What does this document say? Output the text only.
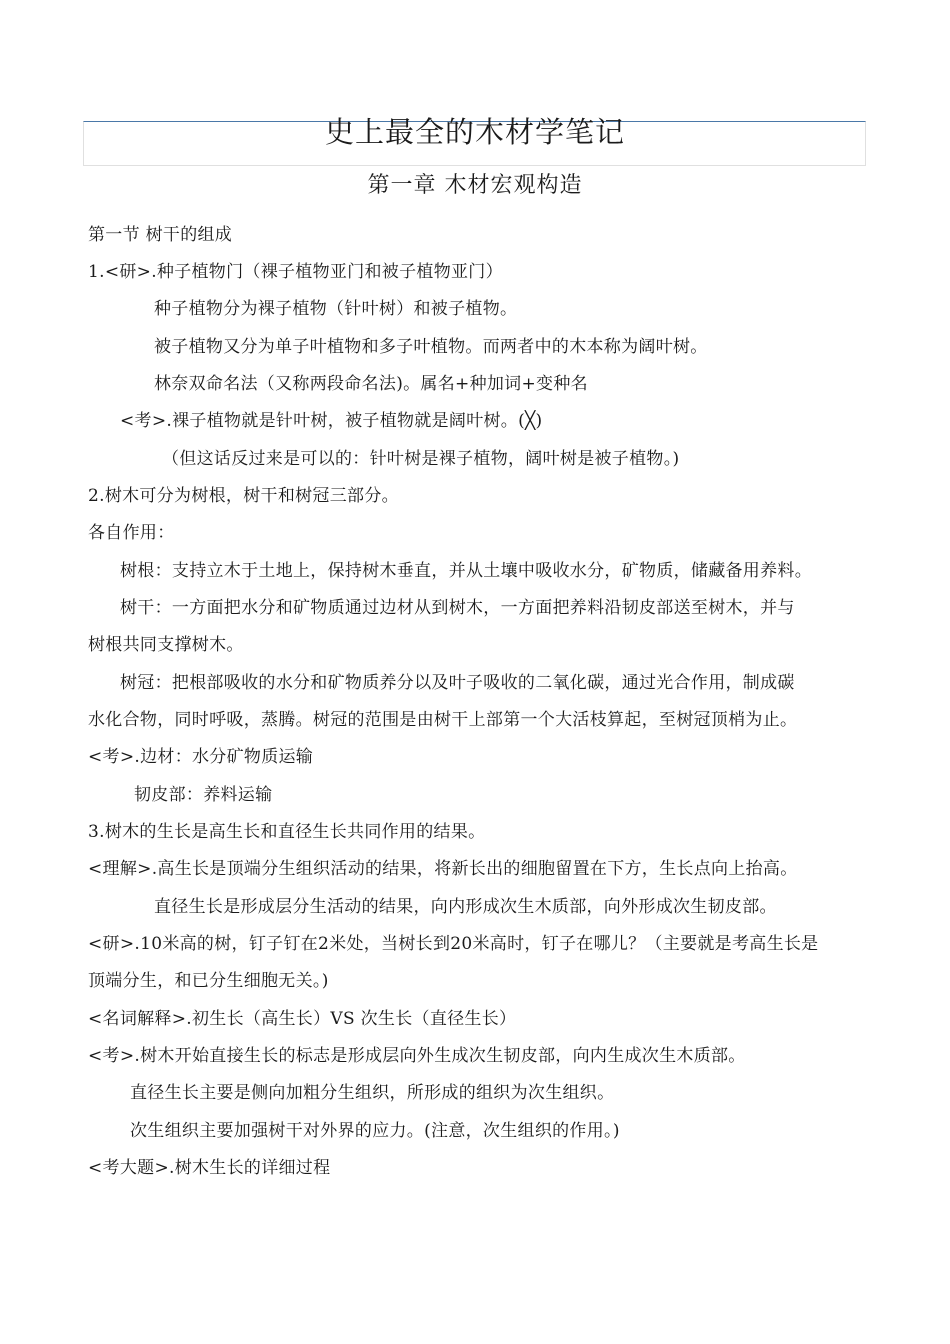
史上最全的木材学笔记
第一章 木材宏观构造
第一节 树干的组成
1.<研>.种子植物门（裸子植物亚门和被子植物亚门）
种子植物分为裸子植物（针叶树）和被子植物。
被子植物又分为单子叶植物和多子叶植物。而两者中的木本称为阔叶树。
林奈双命名法（又称两段命名法)。属名+种加词+变种名
<考>.裸子植物就是针叶树，被子植物就是阔叶树。(╳)
（但这话反过来是可以的：针叶树是裸子植物，阔叶树是被子植物。)
2.树木可分为树根，树干和树冠三部分。
各自作用：
树根：支持立木于土地上，保持树木垂直，并从土壤中吸收水分，矿物质，储藏备用养料。
树干：一方面把水分和矿物质通过边材从到树木，一方面把养料沿韧皮部送至树木，并与
树根共同支撑树木。
树冠：把根部吸收的水分和矿物质养分以及叶子吸收的二氧化碳，通过光合作用，制成碳
水化合物，同时呼吸，蒸腾。树冠的范围是由树干上部第一个大活枝算起，至树冠顶梢为止。
<考>.边材：水分矿物质运输
韧皮部：养料运输
3.树木的生长是高生长和直径生长共同作用的结果。
<理解>.高生长是顶端分生组织活动的结果，将新长出的细胞留置在下方，生长点向上抬高。
直径生长是形成层分生活动的结果，向内形成次生木质部，向外形成次生韧皮部。
<研>.10米高的树，钉子钉在2米处，当树长到20米高时，钉子在哪儿？（主要就是考高生长是
顶端分生，和已分生细胞无关。)
<名词解释>.初生长（高生长）VS 次生长（直径生长）
<考>.树木开始直接生长的标志是形成层向外生成次生韧皮部，向内生成次生木质部。
直径生长主要是侧向加粗分生组织，所形成的组织为次生组织。
次生组织主要加强树干对外界的应力。(注意，次生组织的作用。)
<考大题>.树木生长的详细过程
